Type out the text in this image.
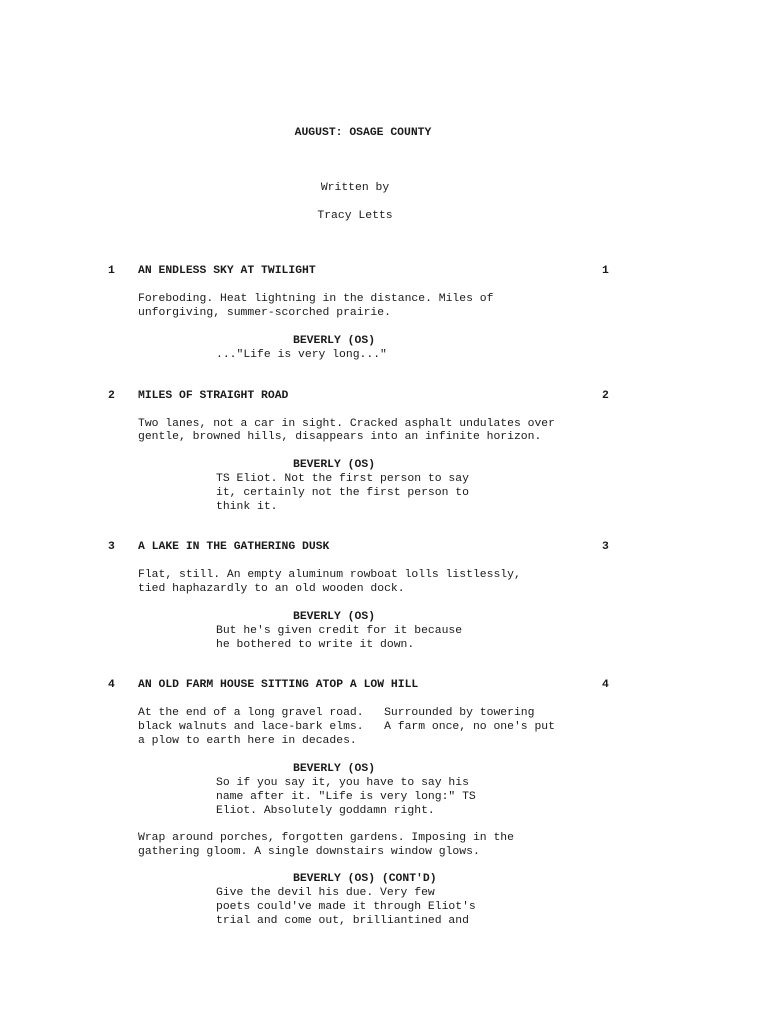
AUGUST: OSAGE COUNTY
Written by
Tracy Letts
1 AN ENDLESS SKY AT TWILIGHT	1
Foreboding. Heat lightning in the distance. Miles of
unforgiving, summer-scorched prairie.
BEVERLY (OS)
..."Life is very long..."
2 MILES OF STRAIGHT ROAD	2
Two lanes, not a car in sight. Cracked asphalt undulates over
gentle, browned hills, disappears into an infinite horizon.
BEVERLY (OS)
TS Eliot. Not the first person to say
it, certainly not the first person to
think it.
3 A LAKE IN THE GATHERING DUSK	3
Flat, still. An empty aluminum rowboat lolls listlessly,
tied haphazardly to an old wooden dock.
BEVERLY (OS)
But he's given credit for it because
he bothered to write it down.
4 AN OLD FARM HOUSE SITTING ATOP A LOW HILL	4
At the end of a long gravel road.   Surrounded by towering
black walnuts and lace-bark elms.   A farm once, no one's put
a plow to earth here in decades.
BEVERLY (OS)
So if you say it, you have to say his
name after it. "Life is very long:" TS
Eliot. Absolutely goddamn right.
Wrap around porches, forgotten gardens. Imposing in the
gathering gloom. A single downstairs window glows.
BEVERLY (OS) (CONT'D)
Give the devil his due. Very few
poets could've made it through Eliot's
trial and come out, brilliantined and
